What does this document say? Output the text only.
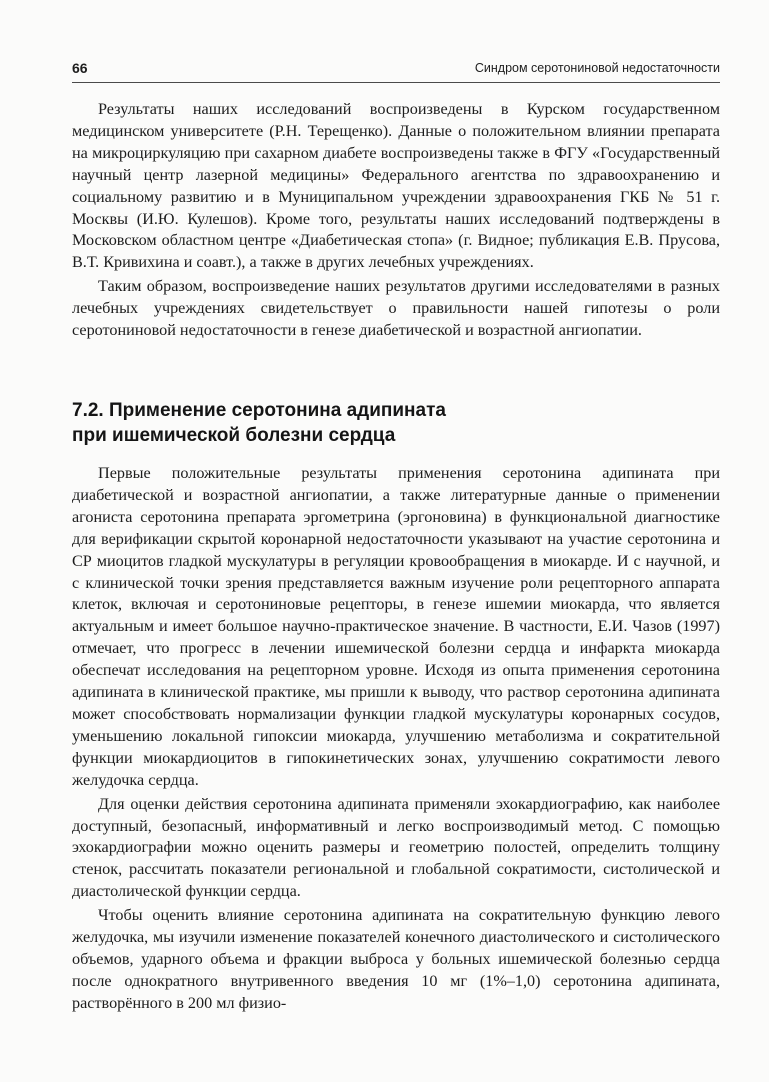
66	Синдром серотониновой недостаточности

Результаты наших исследований воспроизведены в Курском государственном медицинском университете (Р.Н. Терещенко). Данные о положительном влиянии препарата на микроциркуляцию при сахарном диабете воспроизведены также в ФГУ «Государственный научный центр лазерной медицины» Федерального агентства по здравоохранению и социальному развитию и в Муниципальном учреждении здравоохранения ГКБ № 51 г. Москвы (И.Ю. Кулешов). Кроме того, результаты наших исследований подтверждены в Московском областном центре «Диабетическая стопа» (г. Видное; публикация Е.В. Прусова, В.Т. Кривихина и соавт.), а также в других лечебных учреждениях.

Таким образом, воспроизведение наших результатов другими исследователями в разных лечебных учреждениях свидетельствует о правильности нашей гипотезы о роли серотониновой недостаточности в генезе диабетической и возрастной ангиопатии.

7.2. Применение серотонина адипината
при ишемической болезни сердца

Первые положительные результаты применения серотонина адипината при диабетической и возрастной ангиопатии, а также литературные данные о применении агониста серотонина препарата эргометрина (эргоновина) в функциональной диагностике для верификации скрытой коронарной недостаточности указывают на участие серотонина и СР миоцитов гладкой мускулатуры в регуляции кровообращения в миокарде. И с научной, и с клинической точки зрения представляется важным изучение роли рецепторного аппарата клеток, включая и серотониновые рецепторы, в генезе ишемии миокарда, что является актуальным и имеет большое научно-практическое значение. В частности, Е.И. Чазов (1997) отмечает, что прогресс в лечении ишемической болезни сердца и инфаркта миокарда обеспечат исследования на рецепторном уровне. Исходя из опыта применения серотонина адипината в клинической практике, мы пришли к выводу, что раствор серотонина адипината может способствовать нормализации функции гладкой мускулатуры коронарных сосудов, уменьшению локальной гипоксии миокарда, улучшению метаболизма и сократительной функции миокардиоцитов в гипокинетических зонах, улучшению сократимости левого желудочка сердца.

Для оценки действия серотонина адипината применяли эхокардиографию, как наиболее доступный, безопасный, информативный и легко воспроизводимый метод. С помощью эхокардиографии можно оценить размеры и геометрию полостей, определить толщину стенок, рассчитать показатели региональной и глобальной сократимости, систолической и диастолической функции сердца.

Чтобы оценить влияние серотонина адипината на сократительную функцию левого желудочка, мы изучили изменение показателей конечного диастолического и систолического объемов, ударного объема и фракции выброса у больных ишемической болезнью сердца после однократного внутривенного введения 10 мг (1%–1,0) серотонина адипината, растворённого в 200 мл физио-
